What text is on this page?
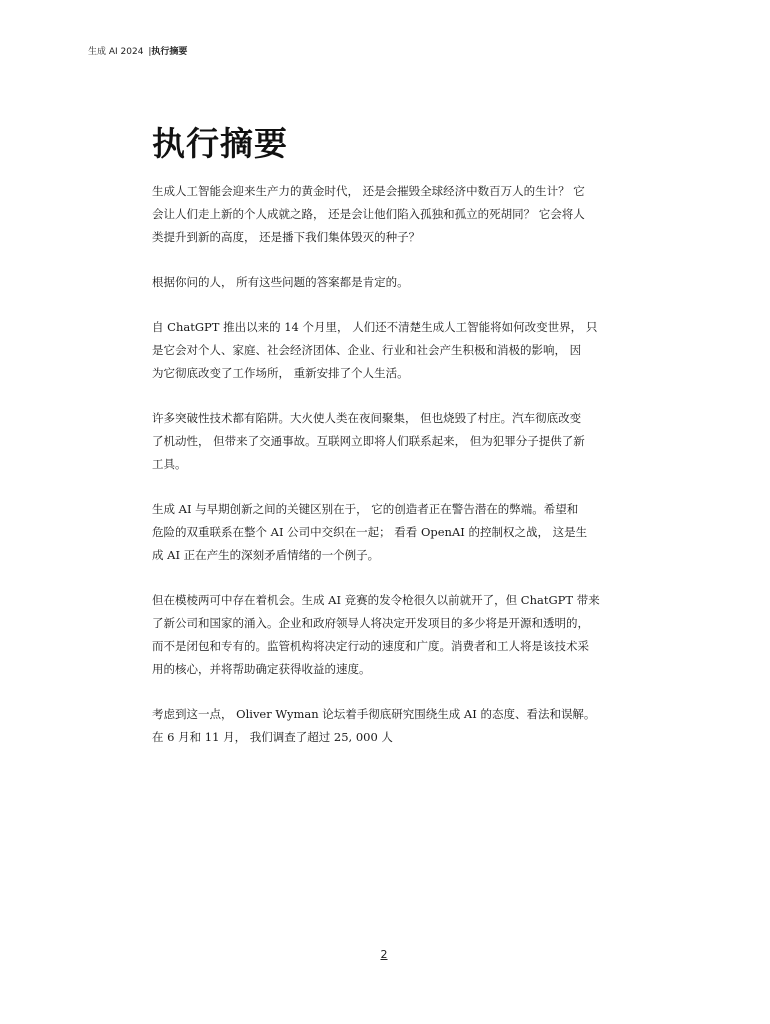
生成 AI 2024 |执行摘要
执行摘要

生成人工智能会迎来生产力的黄金时代， 还是会摧毁全球经济中数百万人的生计？ 它
会让人们走上新的个人成就之路， 还是会让他们陷入孤独和孤立的死胡同？ 它会将人
类提升到新的高度， 还是播下我们集体毁灭的种子？

根据你问的人， 所有这些问题的答案都是肯定的。

自 ChatGPT 推出以来的 14 个月里， 人们还不清楚生成人工智能将如何改变世界， 只
是它会对个人、家庭、社会经济团体、企业、行业和社会产生积极和消极的影响， 因
为它彻底改变了工作场所， 重新安排了个人生活。

许多突破性技术都有陷阱。大火使人类在夜间聚集， 但也烧毁了村庄。汽车彻底改变
了机动性， 但带来了交通事故。互联网立即将人们联系起来， 但为犯罪分子提供了新
工具。

生成 AI 与早期创新之间的关键区别在于， 它的创造者正在警告潜在的弊端。希望和
危险的双重联系在整个 AI 公司中交织在一起； 看看 OpenAI 的控制权之战， 这是生
成 AI 正在产生的深刻矛盾情绪的一个例子。

但在模棱两可中存在着机会。生成 AI 竞赛的发令枪很久以前就开了，但 ChatGPT 带来
了新公司和国家的涌入。企业和政府领导人将决定开发项目的多少将是开源和透明的，
而不是闭包和专有的。监管机构将决定行动的速度和广度。消费者和工人将是该技术采
用的核心，并将帮助确定获得收益的速度。

考虑到这一点， Oliver Wyman 论坛着手彻底研究围绕生成 AI 的态度、看法和误解。
在 6 月和 11 月， 我们调查了超过 25, 000 人

2
